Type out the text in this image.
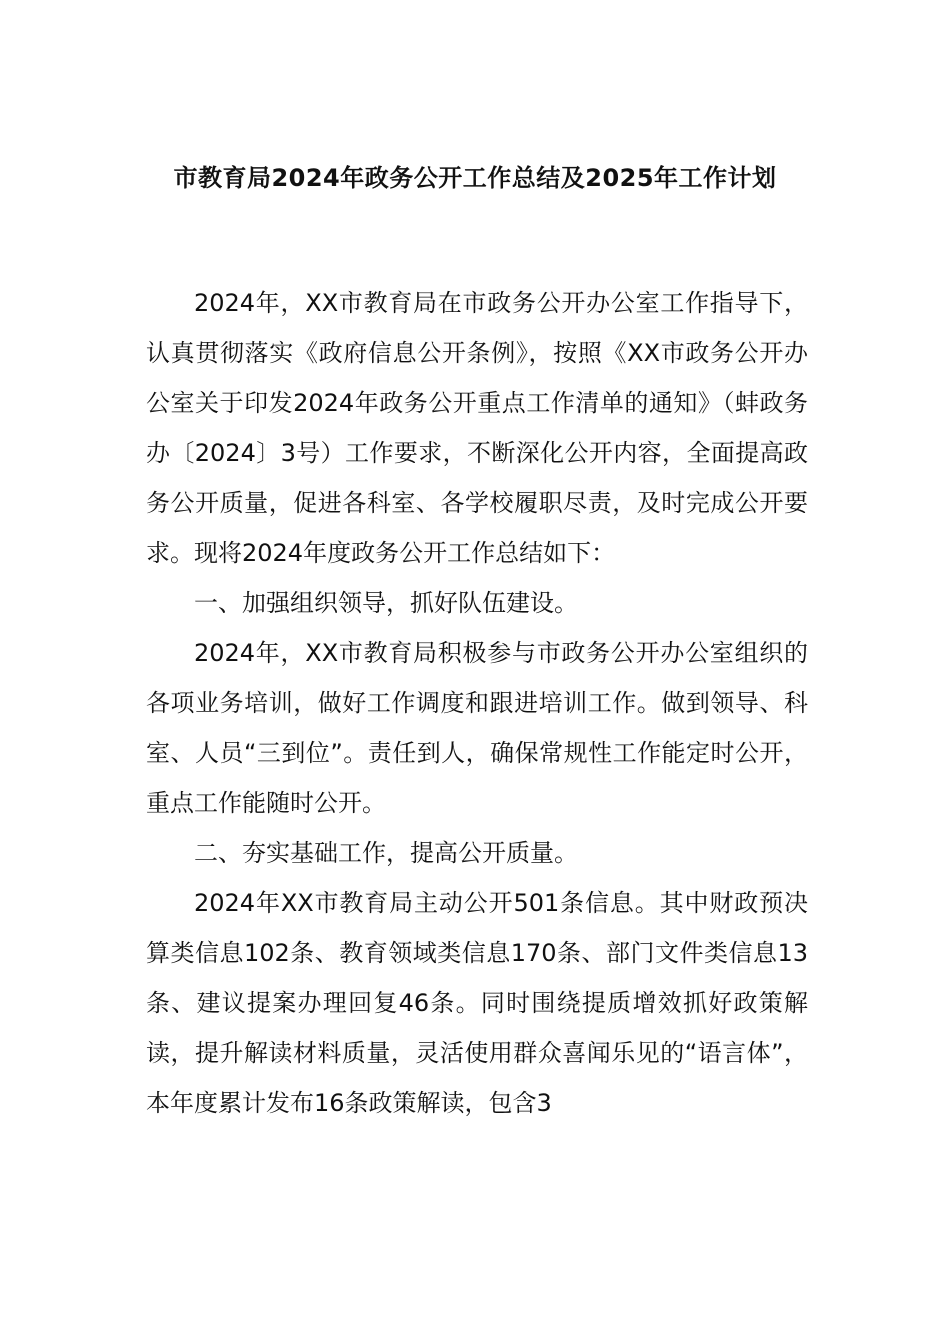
市教育局2024年政务公开工作总结及2025年工作计划

2024年，XX市教育局在市政务公开办公室工作指导下，认真贯彻落实《政府信息公开条例》，按照《XX市政务公开办公室关于印发2024年政务公开重点工作清单的通知》（蚌政务办〔2024〕3号）工作要求，不断深化公开内容，全面提高政务公开质量，促进各科室、各学校履职尽责，及时完成公开要求。现将2024年度政务公开工作总结如下：

一、加强组织领导，抓好队伍建设。

2024年，XX市教育局积极参与市政务公开办公室组织的各项业务培训，做好工作调度和跟进培训工作。做到领导、科室、人员“三到位”。责任到人，确保常规性工作能定时公开，重点工作能随时公开。

二、夯实基础工作，提高公开质量。

2024年XX市教育局主动公开501条信息。其中财政预决算类信息102条、教育领域类信息170条、部门文件类信息13条、建议提案办理回复46条。同时围绕提质增效抓好政策解读，提升解读材料质量，灵活使用群众喜闻乐见的“语言体”，本年度累计发布16条政策解读，包含3
